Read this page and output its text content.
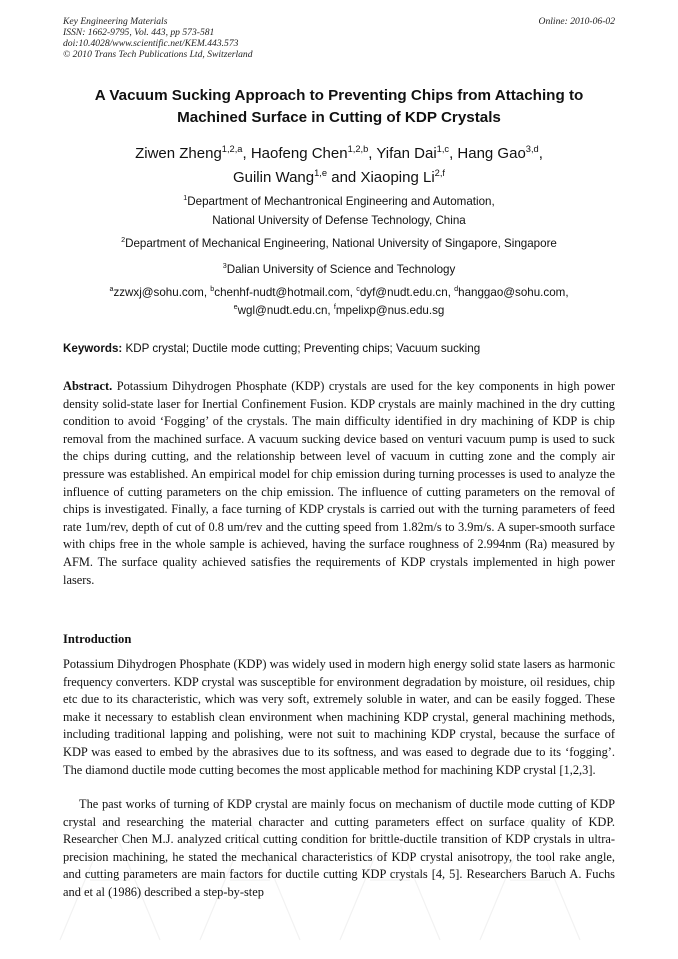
Key Engineering Materials
ISSN: 1662-9795, Vol. 443, pp 573-581
doi:10.4028/www.scientific.net/KEM.443.573
© 2010 Trans Tech Publications Ltd, Switzerland
Online: 2010-06-02
A Vacuum Sucking Approach to Preventing Chips from Attaching to
Machined Surface in Cutting of KDP Crystals
Ziwen Zheng$^{1,2,a}$, Haofeng Chen$^{1,2,b}$, Yifan Dai$^{1,c}$, Hang Gao$^{3,d}$,
Guilin Wang$^{1,e}$ and Xiaoping Li$^{2,f}$
$^1$Department of Mechantronical Engineering and Automation,
National University of Defense Technology, China
$^2$Department of Mechanical Engineering, National University of Singapore, Singapore
$^3$Dalian University of Science and Technology
$^a$zzwxj@sohu.com, $^b$chenhf-nudt@hotmail.com, $^c$dyf@nudt.edu.cn, $^d$hanggao@sohu.com,
$^e$wgl@nudt.edu.cn, $^f$mpelixp@nus.edu.sg
Keywords: KDP crystal; Ductile mode cutting; Preventing chips; Vacuum sucking

Abstract. Potassium Dihydrogen Phosphate (KDP) crystals are used for the key components in high power density solid-state laser for Inertial Confinement Fusion. KDP crystals are mainly machined in the dry cutting condition to avoid ‘Fogging’ of the crystals. The main difficulty identified in dry machining of KDP is chip removal from the machined surface. A vacuum sucking device based on venturi vacuum pump is used to suck the chips during cutting, and the relationship between level of vacuum in cutting zone and the comply air pressure was established. An empirical model for chip emission during turning processes is used to analyze the influence of cutting parameters on the chip emission. The influence of cutting parameters on the removal of chips is investigated. Finally, a face turning of KDP crystals is carried out with the turning parameters of feed rate 1um/rev, depth of cut of 0.8 um/rev and the cutting speed from 1.82m/s to 3.9m/s. A super-smooth surface with chips free in the whole sample is achieved, having the surface roughness of 2.994nm (Ra) measured by AFM. The surface quality achieved satisfies the requirements of KDP crystals implemented in high power lasers.

Introduction

Potassium Dihydrogen Phosphate (KDP) was widely used in modern high energy solid state lasers as harmonic frequency converters. KDP crystal was susceptible for environment degradation by moisture, oil residues, chip etc due to its characteristic, which was very soft, extremely soluble in water, and can be easily fogged. These make it necessary to establish clean environment when machining KDP crystal, general machining methods, including traditional lapping and polishing, were not suit to machining KDP crystal, because the surface of KDP was eased to embed by the abrasives due to its softness, and was eased to degrade due to its ‘fogging’. The diamond ductile mode cutting becomes the most applicable method for machining KDP crystal [1,2,3].

The past works of turning of KDP crystal are mainly focus on mechanism of ductile mode cutting of KDP crystal and researching the material character and cutting parameters effect on surface quality of KDP. Researcher Chen M.J. analyzed critical cutting condition for brittle-ductile transition of KDP crystals in ultra-precision machining, he stated the mechanical characteristics of KDP crystal anisotropy, the tool rake angle, and cutting parameters are main factors for ductile cutting KDP crystals [4, 5]. Researchers Baruch A. Fuchs and et al (1986) described a step-by-step
